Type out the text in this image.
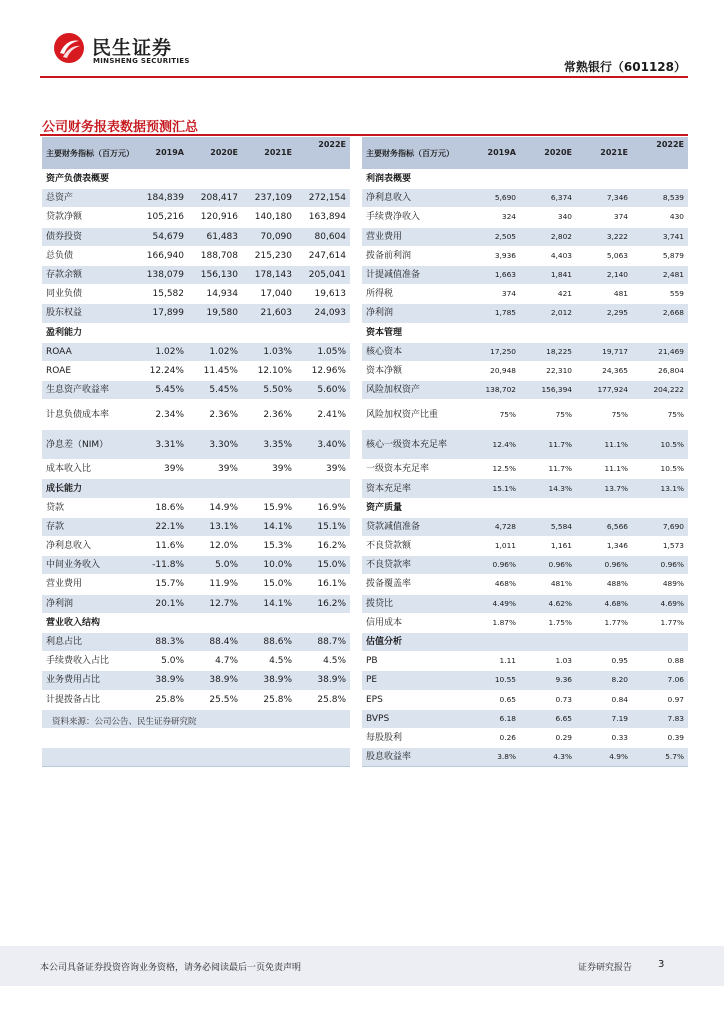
民生证券
MINSHENG SECURITIES	常熟银行（601128）
公司财务报表数据预测汇总
主要财务指标（百万元）	2019A	2020E	2021E	2022E
资产负债表概要				
总资产	184,839	208,417	237,109	272,154
贷款净额	105,216	120,916	140,180	163,894
债券投资	54,679	61,483	70,090	80,604
总负债	166,940	188,708	215,230	247,614
存款余额	138,079	156,130	178,143	205,041
同业负债	15,582	14,934	17,040	19,613
股东权益	17,899	19,580	21,603	24,093
盈利能力				
ROAA	1.02%	1.02%	1.03%	1.05%
ROAE	12.24%	11.45%	12.10%	12.96%
生息资产收益率	5.45%	5.45%	5.50%	5.60%
计息负债成本率	2.34%	2.36%	2.36%	2.41%
净息差（NIM）	3.31%	3.30%	3.35%	3.40%
成本收入比	39%	39%	39%	39%
成长能力				
贷款	18.6%	14.9%	15.9%	16.9%
存款	22.1%	13.1%	14.1%	15.1%
净利息收入	11.6%	12.0%	15.3%	16.2%
中间业务收入	-11.8%	5.0%	10.0%	15.0%
营业费用	15.7%	11.9%	15.0%	16.1%
净利润	20.1%	12.7%	14.1%	16.2%
营业收入结构				
利息占比	88.3%	88.4%	88.6%	88.7%
手续费收入占比	5.0%	4.7%	4.5%	4.5%
业务费用占比	38.9%	38.9%	38.9%	38.9%
计提拨备占比	25.8%	25.5%	25.8%	25.8%

主要财务指标（百万元）	2019A	2020E	2021E	2022E
利润表概要				
净利息收入	5,690	6,374	7,346	8,539
手续费净收入	324	340	374	430
营业费用	2,505	2,802	3,222	3,741
拨备前利润	3,936	4,403	5,063	5,879
计提减值准备	1,663	1,841	2,140	2,481
所得税	374	421	481	559
净利润	1,785	2,012	2,295	2,668
资本管理				
核心资本	17,250	18,225	19,717	21,469
资本净额	20,948	22,310	24,365	26,804
风险加权资产	138,702	156,394	177,924	204,222
风险加权资产比重	75%	75%	75%	75%
核心一级资本充足率	12.4%	11.7%	11.1%	10.5%
一级资本充足率	12.5%	11.7%	11.1%	10.5%
资本充足率	15.1%	14.3%	13.7%	13.1%
资产质量				
贷款减值准备	4,728	5,584	6,566	7,690
不良贷款额	1,011	1,161	1,346	1,573
不良贷款率	0.96%	0.96%	0.96%	0.96%
拨备覆盖率	468%	481%	488%	489%
拨贷比	4.49%	4.62%	4.68%	4.69%
信用成本	1.87%	1.75%	1.77%	1.77%
估值分析				
PB	1.11	1.03	0.95	0.88
PE	10.55	9.36	8.20	7.06
EPS	0.65	0.73	0.84	0.97
BVPS	6.18	6.65	7.19	7.83
每股股利	0.26	0.29	0.33	0.39
股息收益率	3.8%	4.3%	4.9%	5.7%
资料来源：公司公告、民生证券研究院
本公司具备证券投资咨询业务资格，请务必阅读最后一页免责声明	证券研究报告	3
